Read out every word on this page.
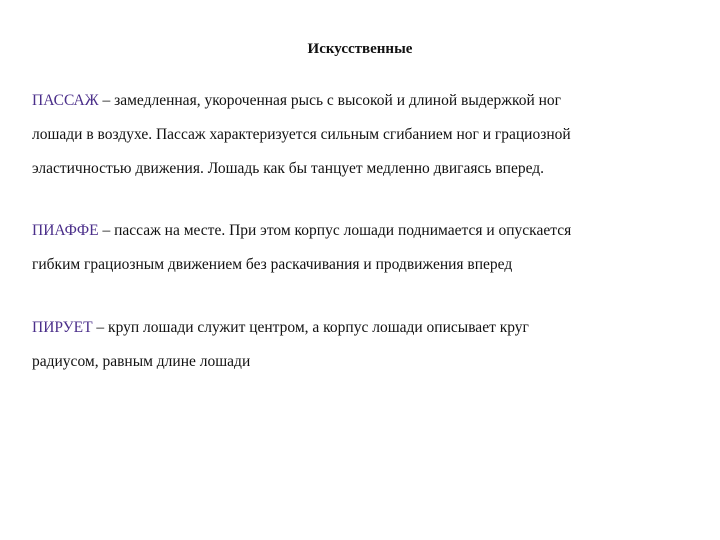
Искусственные

ПАССАЖ – замедленная, укороченная рысь с высокой и длиной выдержкой ног
лошади в воздухе. Пассаж характеризуется сильным сгибанием ног и грациозной
эластичностью движения. Лошадь как бы танцует медленно двигаясь вперед.

ПИАФФЕ – пассаж на месте. При этом корпус лошади поднимается и опускается
гибким грациозным движением без раскачивания и продвижения вперед

ПИРУЕТ – круп лошади служит центром, а корпус лошади описывает круг
радиусом, равным длине лошади
